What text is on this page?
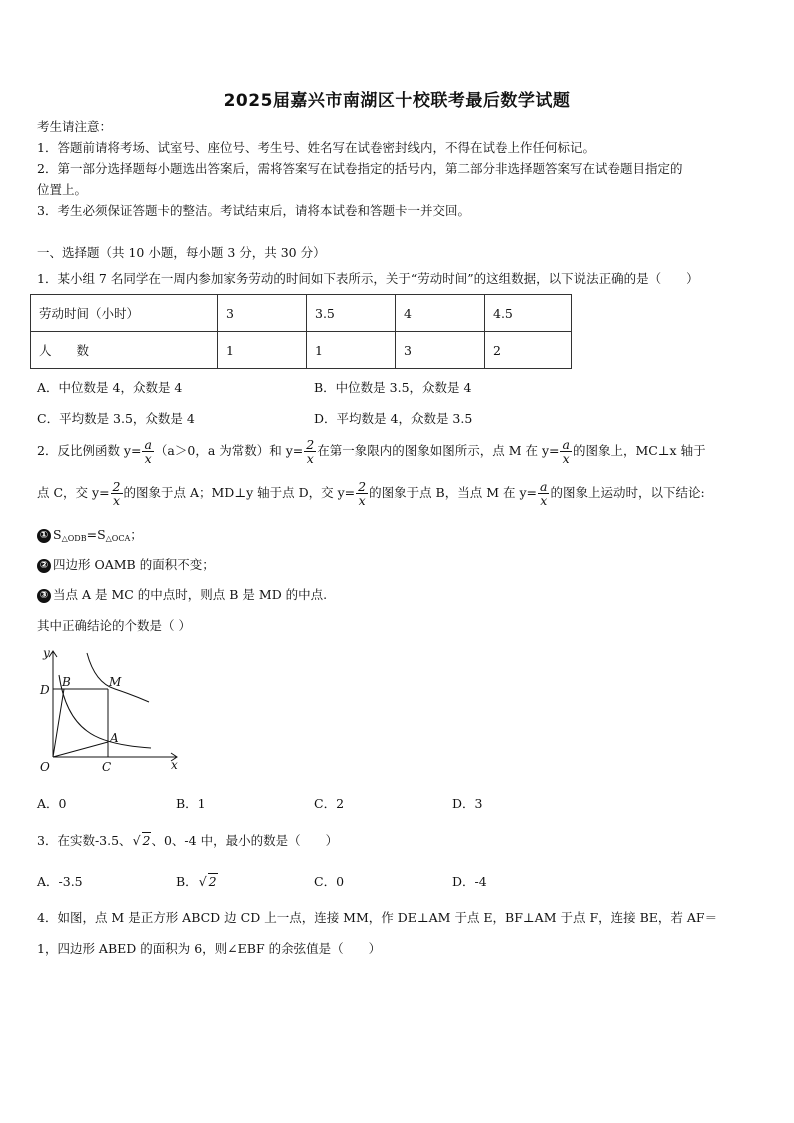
2025届嘉兴市南湖区十校联考最后数学试题
考生请注意：
1．答题前请将考场、试室号、座位号、考生号、姓名写在试卷密封线内，不得在试卷上作任何标记。
2．第一部分选择题每小题选出答案后，需将答案写在试卷指定的括号内，第二部分非选择题答案写在试卷题目指定的
位置上。
3．考生必须保证答题卡的整洁。考试结束后，请将本试卷和答题卡一并交回。
一、选择题（共 10 小题，每小题 3 分，共 30 分）
1．某小组 7 名同学在一周内参加家务劳动的时间如下表所示，关于“劳动时间”的这组数据，以下说法正确的是（　　）
劳动时间（小时）	3	3.5	4	4.5
人　　数	1	1	3	2
A．中位数是 4，众数是 4	B．中位数是 3.5，众数是 4
C．平均数是 3.5，众数是 4	D．平均数是 4，众数是 3.5
2．反比例函数 $y= \frac{a}{x} (a>0$，a 为常数）和 $y= \frac{2}{x}$ 在第一象限内的图象如图所示，点 M 在 $y= \frac{a}{x}$ 的图象上，MC⊥x 轴于
点 C，交 $y= \frac{2}{x}$ 的图象于点 A；MD⊥y 轴于点 D，交 $y= \frac{2}{x}$ 的图象于点 B，当点 M 在 $y= \frac{a}{x}$ 的图象上运动时，以下结论:
① $S_{\triangle ODB}=S_{\triangle OCA}$；
② 四边形 OAMB 的面积不变；
③ 当点 A 是 MC 的中点时，则点 B 是 MD 的中点.
其中正确结论的个数是（ ）
y
x
O
D
B	M
A
C
A．0	B．1	C．2	D．3
3．在实数-3.5、√ 2、0、-4 中，最小的数是（　　）
A．-3.5	B．√ 2	C．0	D．-4
4．如图，点 M 是正方形 ABCD 边 CD 上一点，连接 MM，作 DE⊥AM 于点 E，BF⊥AM 于点 F，连接 BE，若 AF＝
1，四边形 ABED 的面积为 6，则∠EBF 的余弦值是（　　）
